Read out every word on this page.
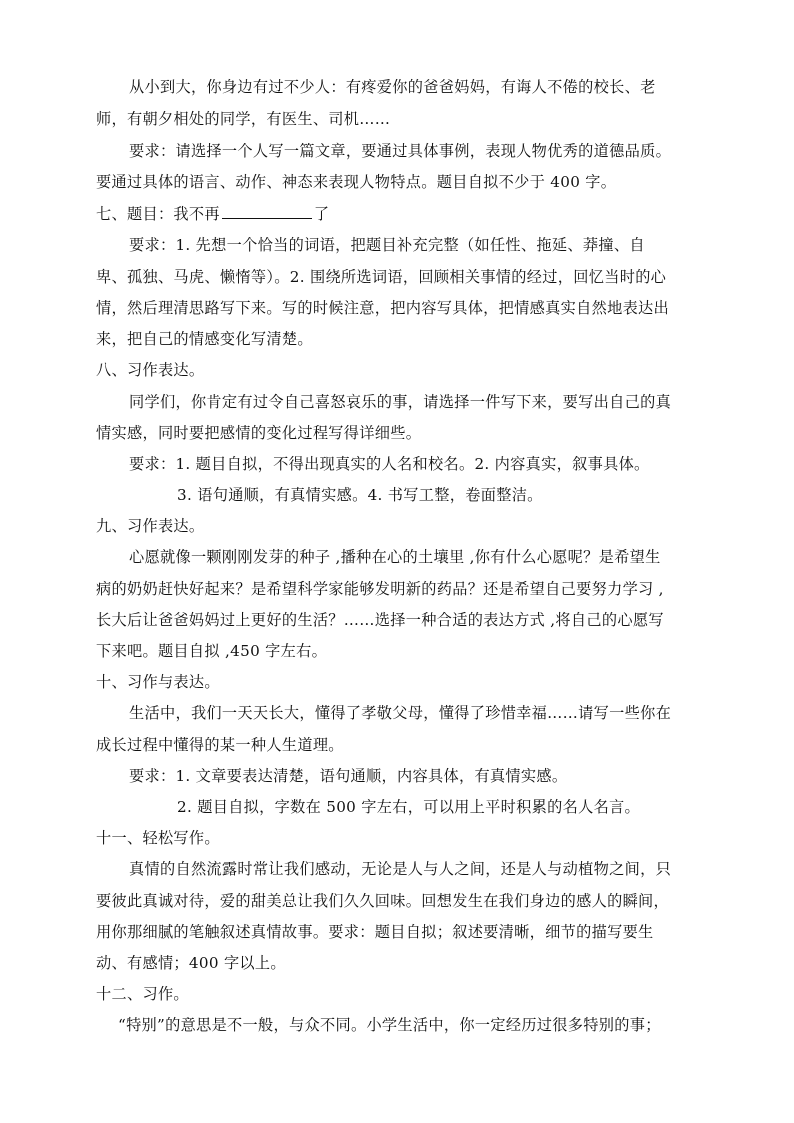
从小到大，你身边有过不少人：有疼爱你的爸爸妈妈，有诲人不倦的校长、老
师，有朝夕相处的同学，有医生、司机……
要求：请选择一个人写一篇文章，要通过具体事例，表现人物优秀的道德品质。
要通过具体的语言、动作、神态来表现人物特点。题目自拟不少于 400 字。
七、题目：我不再	了
要求：1. 先想一个恰当的词语，把题目补充完整（如任性、拖延、莽撞、自
卑、孤独、马虎、懒惰等）。2. 围绕所选词语，回顾相关事情的经过，回忆当时的心
情，然后理清思路写下来。写的时候注意，把内容写具体，把情感真实自然地表达出
来，把自己的情感变化写清楚。
八、习作表达。
同学们，你肯定有过令自己喜怒哀乐的事，请选择一件写下来，要写出自己的真
情实感，同时要把感情的变化过程写得详细些。
要求：1. 题目自拟，不得出现真实的人名和校名。2. 内容真实，叙事具体。
3. 语句通顺，有真情实感。4. 书写工整，卷面整洁。
九、习作表达。
心愿就像一颗刚刚发芽的种子 ,播种在心的土壤里 ,你有什么心愿呢？是希望生
病的奶奶赶快好起来？是希望科学家能够发明新的药品？还是希望自己要努力学习 ,
长大后让爸爸妈妈过上更好的生活？……选择一种合适的表达方式 ,将自己的心愿写
下来吧。题目自拟 ,450 字左右。
十、习作与表达。
生活中，我们一天天长大，懂得了孝敬父母，懂得了珍惜幸福……请写一些你在
成长过程中懂得的某一种人生道理。
要求：1. 文章要表达清楚，语句通顺，内容具体，有真情实感。
2. 题目自拟，字数在 500 字左右，可以用上平时积累的名人名言。
十一、轻松写作。
真情的自然流露时常让我们感动，无论是人与人之间，还是人与动植物之间，只
要彼此真诚对待，爱的甜美总让我们久久回味。回想发生在我们身边的感人的瞬间，
用你那细腻的笔触叙述真情故事。要求：题目自拟；叙述要清晰，细节的描写要生
动、有感情；400 字以上。
十二、习作。
“特别”的意思是不一般，与众不同。小学生活中，你一定经历过很多特别的事；
